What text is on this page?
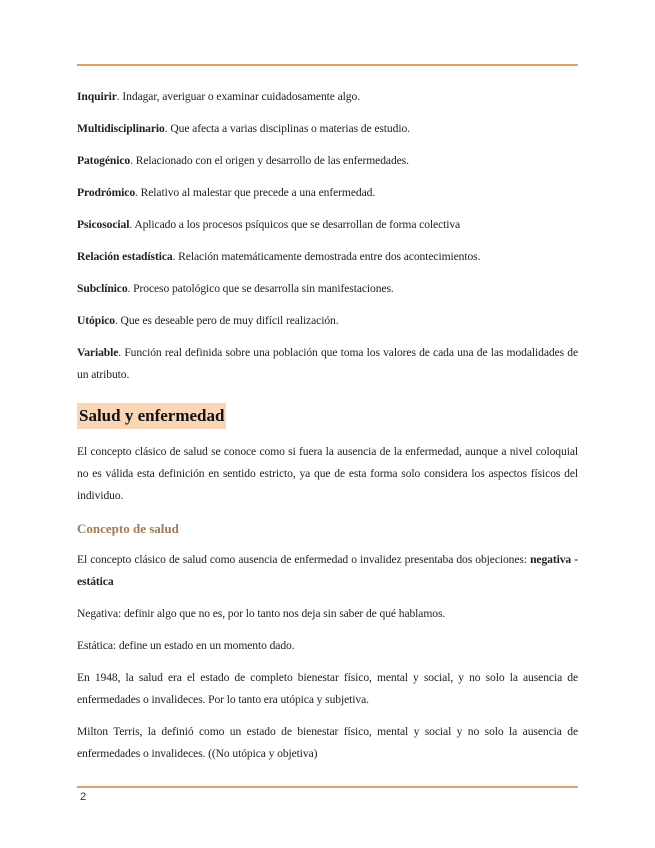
Inquirir. Indagar, averiguar o examinar cuidadosamente algo.

Multidisciplinario. Que afecta a varias disciplinas o materias de estudio.

Patogénico. Relacionado con el origen y desarrollo de las enfermedades.

Prodrómico. Relativo al malestar que precede a una enfermedad.

Psicosocial. Aplicado a los procesos psíquicos que se desarrollan de forma colectiva

Relación estadística. Relación matemáticamente demostrada entre dos acontecimientos.

Subclínico. Proceso patológico que se desarrolla sin manifestaciones.

Utópico. Que es deseable pero de muy difícil realización.

Variable. Función real definida sobre una población que toma los valores de cada una de las modalidades de un atributo.

Salud y enfermedad

El concepto clásico de salud se conoce como si fuera la ausencia de la enfermedad, aunque a nivel coloquial no es válida esta definición en sentido estricto, ya que de esta forma solo considera los aspectos físicos del individuo.

Concepto de salud

El concepto clásico de salud como ausencia de enfermedad o invalidez presentaba dos objeciones: negativa - estática

Negativa: definir algo que no es, por lo tanto nos deja sin saber de qué hablamos.

Estática: define un estado en un momento dado.

En 1948, la salud era el estado de completo bienestar físico, mental y social, y no solo la ausencia de enfermedades o invalideces. Por lo tanto era utópica y subjetiva.

Milton Terris, la definió como un estado de bienestar físico, mental y social y no solo la ausencia de enfermedades o invalideces. ((No utópica y objetiva)

2
